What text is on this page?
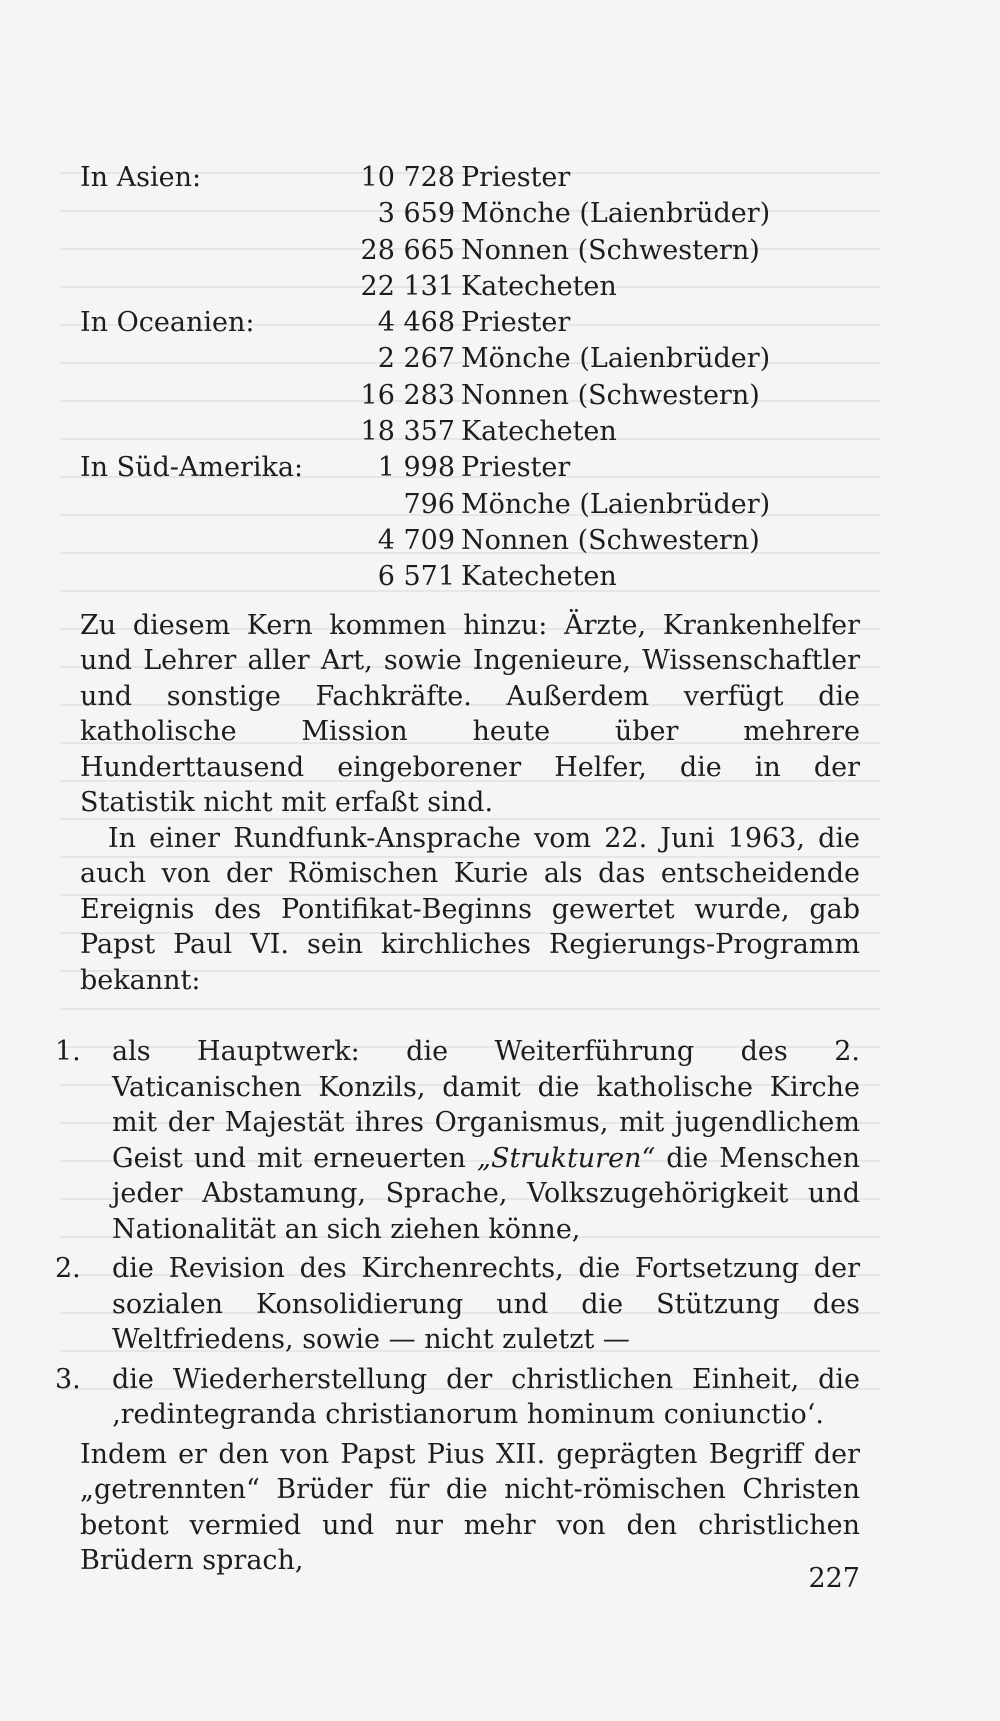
In Asien:	10 728 Priester
3 659 Mönche (Laienbrüder)
28 665 Nonnen (Schwestern)
22 131 Katecheten
In Oceanien:	4 468 Priester
2 267 Mönche (Laienbrüder)
16 283 Nonnen (Schwestern)
18 357 Katecheten
In Süd-Amerika:	1 998 Priester
796 Mönche (Laienbrüder)
4 709 Nonnen (Schwestern)
6 571 Katecheten

Zu diesem Kern kommen hinzu: Ärzte, Krankenhelfer und Lehrer aller Art, sowie Ingenieure, Wissenschaftler und sonstige Fachkräfte. Außerdem verfügt die katholische Mission heute über mehrere Hunderttausend eingeborener Helfer, die in der Statistik nicht mit erfaßt sind.

In einer Rundfunk-Ansprache vom 22. Juni 1963, die auch von der Römischen Kurie als das entscheidende Ereignis des Pontifikat-Beginns gewertet wurde, gab Papst Paul VI. sein kirchliches Regierungs-Programm bekannt:

1. als Hauptwerk: die Weiterführung des 2. Vaticanischen Konzils, damit die katholische Kirche mit der Majestät ihres Organismus, mit jugendlichem Geist und mit erneuerten „Strukturen“ die Menschen jeder Abstamung, Sprache, Volkszugehörigkeit und Nationalität an sich ziehen könne,
2. die Revision des Kirchenrechts, die Fortsetzung der sozialen Konsolidierung und die Stützung des Weltfriedens, sowie — nicht zuletzt —
3. die Wiederherstellung der christlichen Einheit, die ‚redintegranda christianorum hominum coniunctio‘.

Indem er den von Papst Pius XII. geprägten Begriff der „getrennten“ Brüder für die nicht-römischen Christen betont vermied und nur mehr von den christlichen Brüdern sprach,

227
